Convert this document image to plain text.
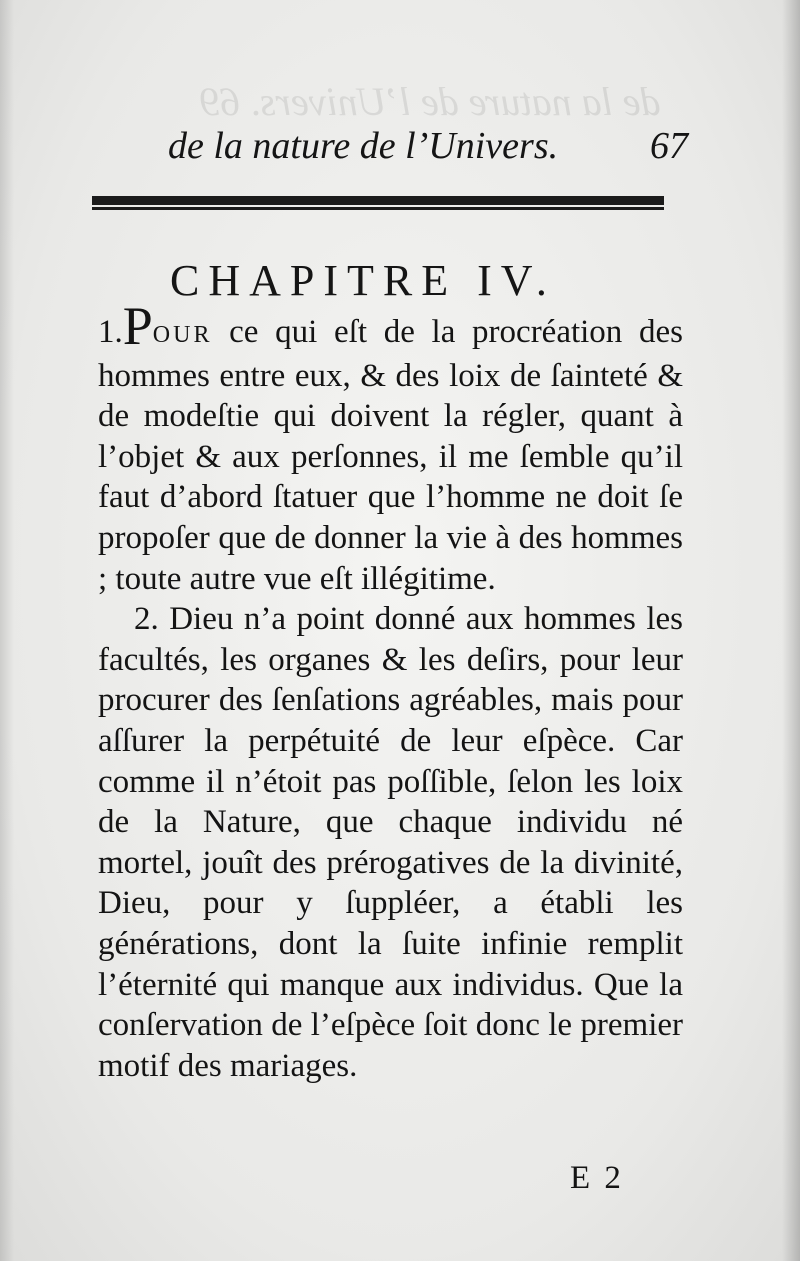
de la nature de l’Univers. 69
de la nature de l’Univers. 67
CHAPITRE IV.

1.POUR ce qui eſt de la procréation des hommes entre eux, & des loix de ſainteté & de modeſtie qui doivent la régler, quant à l’objet & aux perſonnes, il me ſemble qu’il faut d’abord ſtatuer que l’homme ne doit ſe propoſer que de donner la vie à des hommes ; toute autre vue eſt illégitime.

2. Dieu n’a point donné aux hommes les facultés, les organes & les deſirs, pour leur procurer des ſenſations agréables, mais pour aſſurer la perpétuité de leur eſpèce. Car comme il n’étoit pas poſſible, ſelon les loix de la Nature, que chaque individu né mortel, jouît des prérogatives de la divinité, Dieu, pour y ſuppléer, a établi les générations, dont la ſuite infinie remplit l’éternité qui manque aux individus. Que la conſervation de l’eſpèce ſoit donc le premier motif des mariages.

E 2
